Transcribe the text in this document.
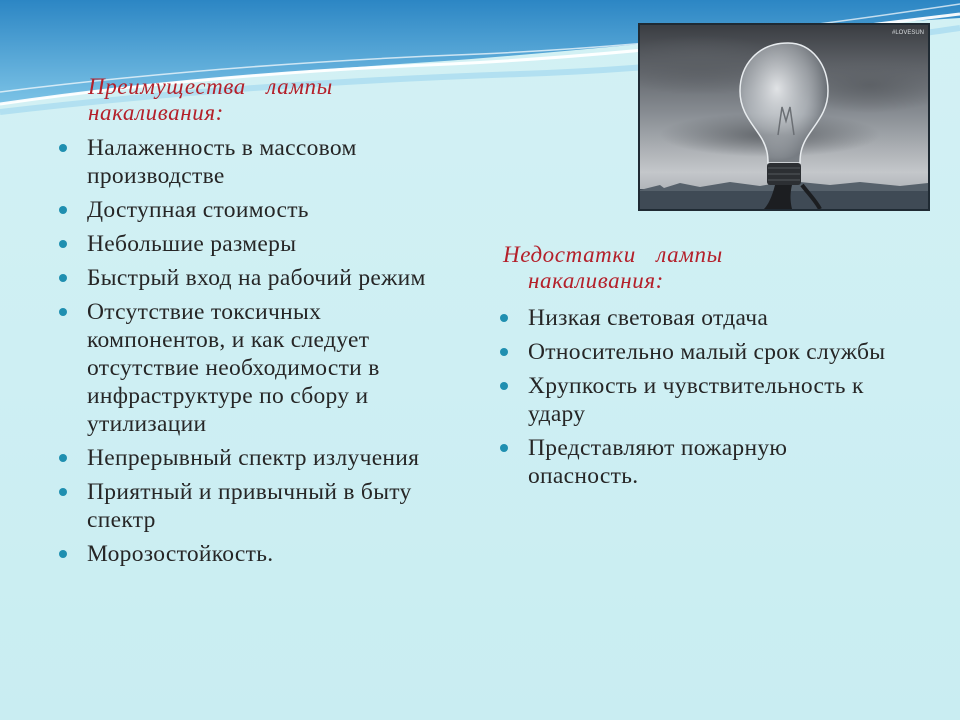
#LOVESUN
Преимущества лампы
накаливания:
Налаженность в массовом производстве
Доступная стоимость
Небольшие размеры
Быстрый вход на рабочий режим
Отсутствие токсичных компонентов, и как следует отсутствие необходимости в инфраструктуре по сбору и утилизации
Непрерывный спектр излучения
Приятный и привычный в быту спектр
Морозостойкость.
Недостатки лампы
накаливания:
Низкая световая отдача
Относительно малый срок службы
Хрупкость и чувствительность к удару
Представляют пожарную опасность.
